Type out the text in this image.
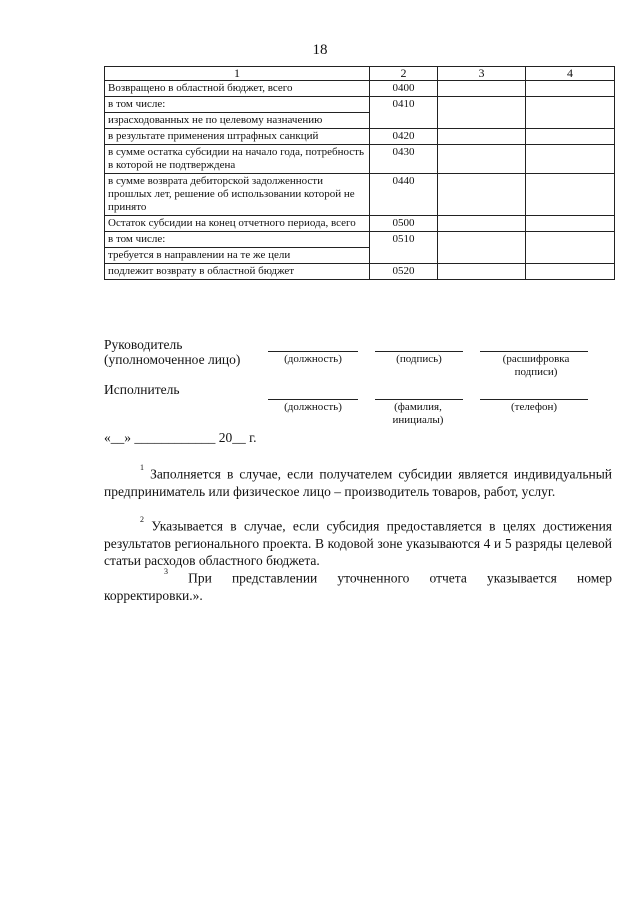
18
1	2	3	4
Возвращено в областной бюджет, всего	0400		
в том числе:	0410		
израсходованных не по целевому назначению			
в результате применения штрафных санкций	0420		
в сумме остатка субсидии на начало года, потребность в которой не подтверждена	0430		
в сумме возврата дебиторской задолженности прошлых лет, решение об использовании которой не принято	0440		
Остаток субсидии на конец отчетного периода, всего	0500		
в том числе:	0510		
требуется в направлении на те же цели			
подлежит возврату в областной бюджет	0520		
Руководитель
(уполномоченное лицо)	(должность)	(подпись)	(расшифровка подписи)
Исполнитель
(должность)	(фамилия, инициалы)
(телефон)
«__» ____________ 20__ г.
$^1$ Заполняется в случае, если получателем субсидии является индивидуальный предприниматель или физическое лицо – производитель товаров, работ, услуг.
$^2$ Указывается в случае, если субсидия предоставляется в целях достижения результатов регионального проекта. В кодовой зоне указываются 4 и 5 разряды целевой статьи расходов областного бюджета.
$^3$ При представлении уточненного отчета указывается номер корректировки.».
